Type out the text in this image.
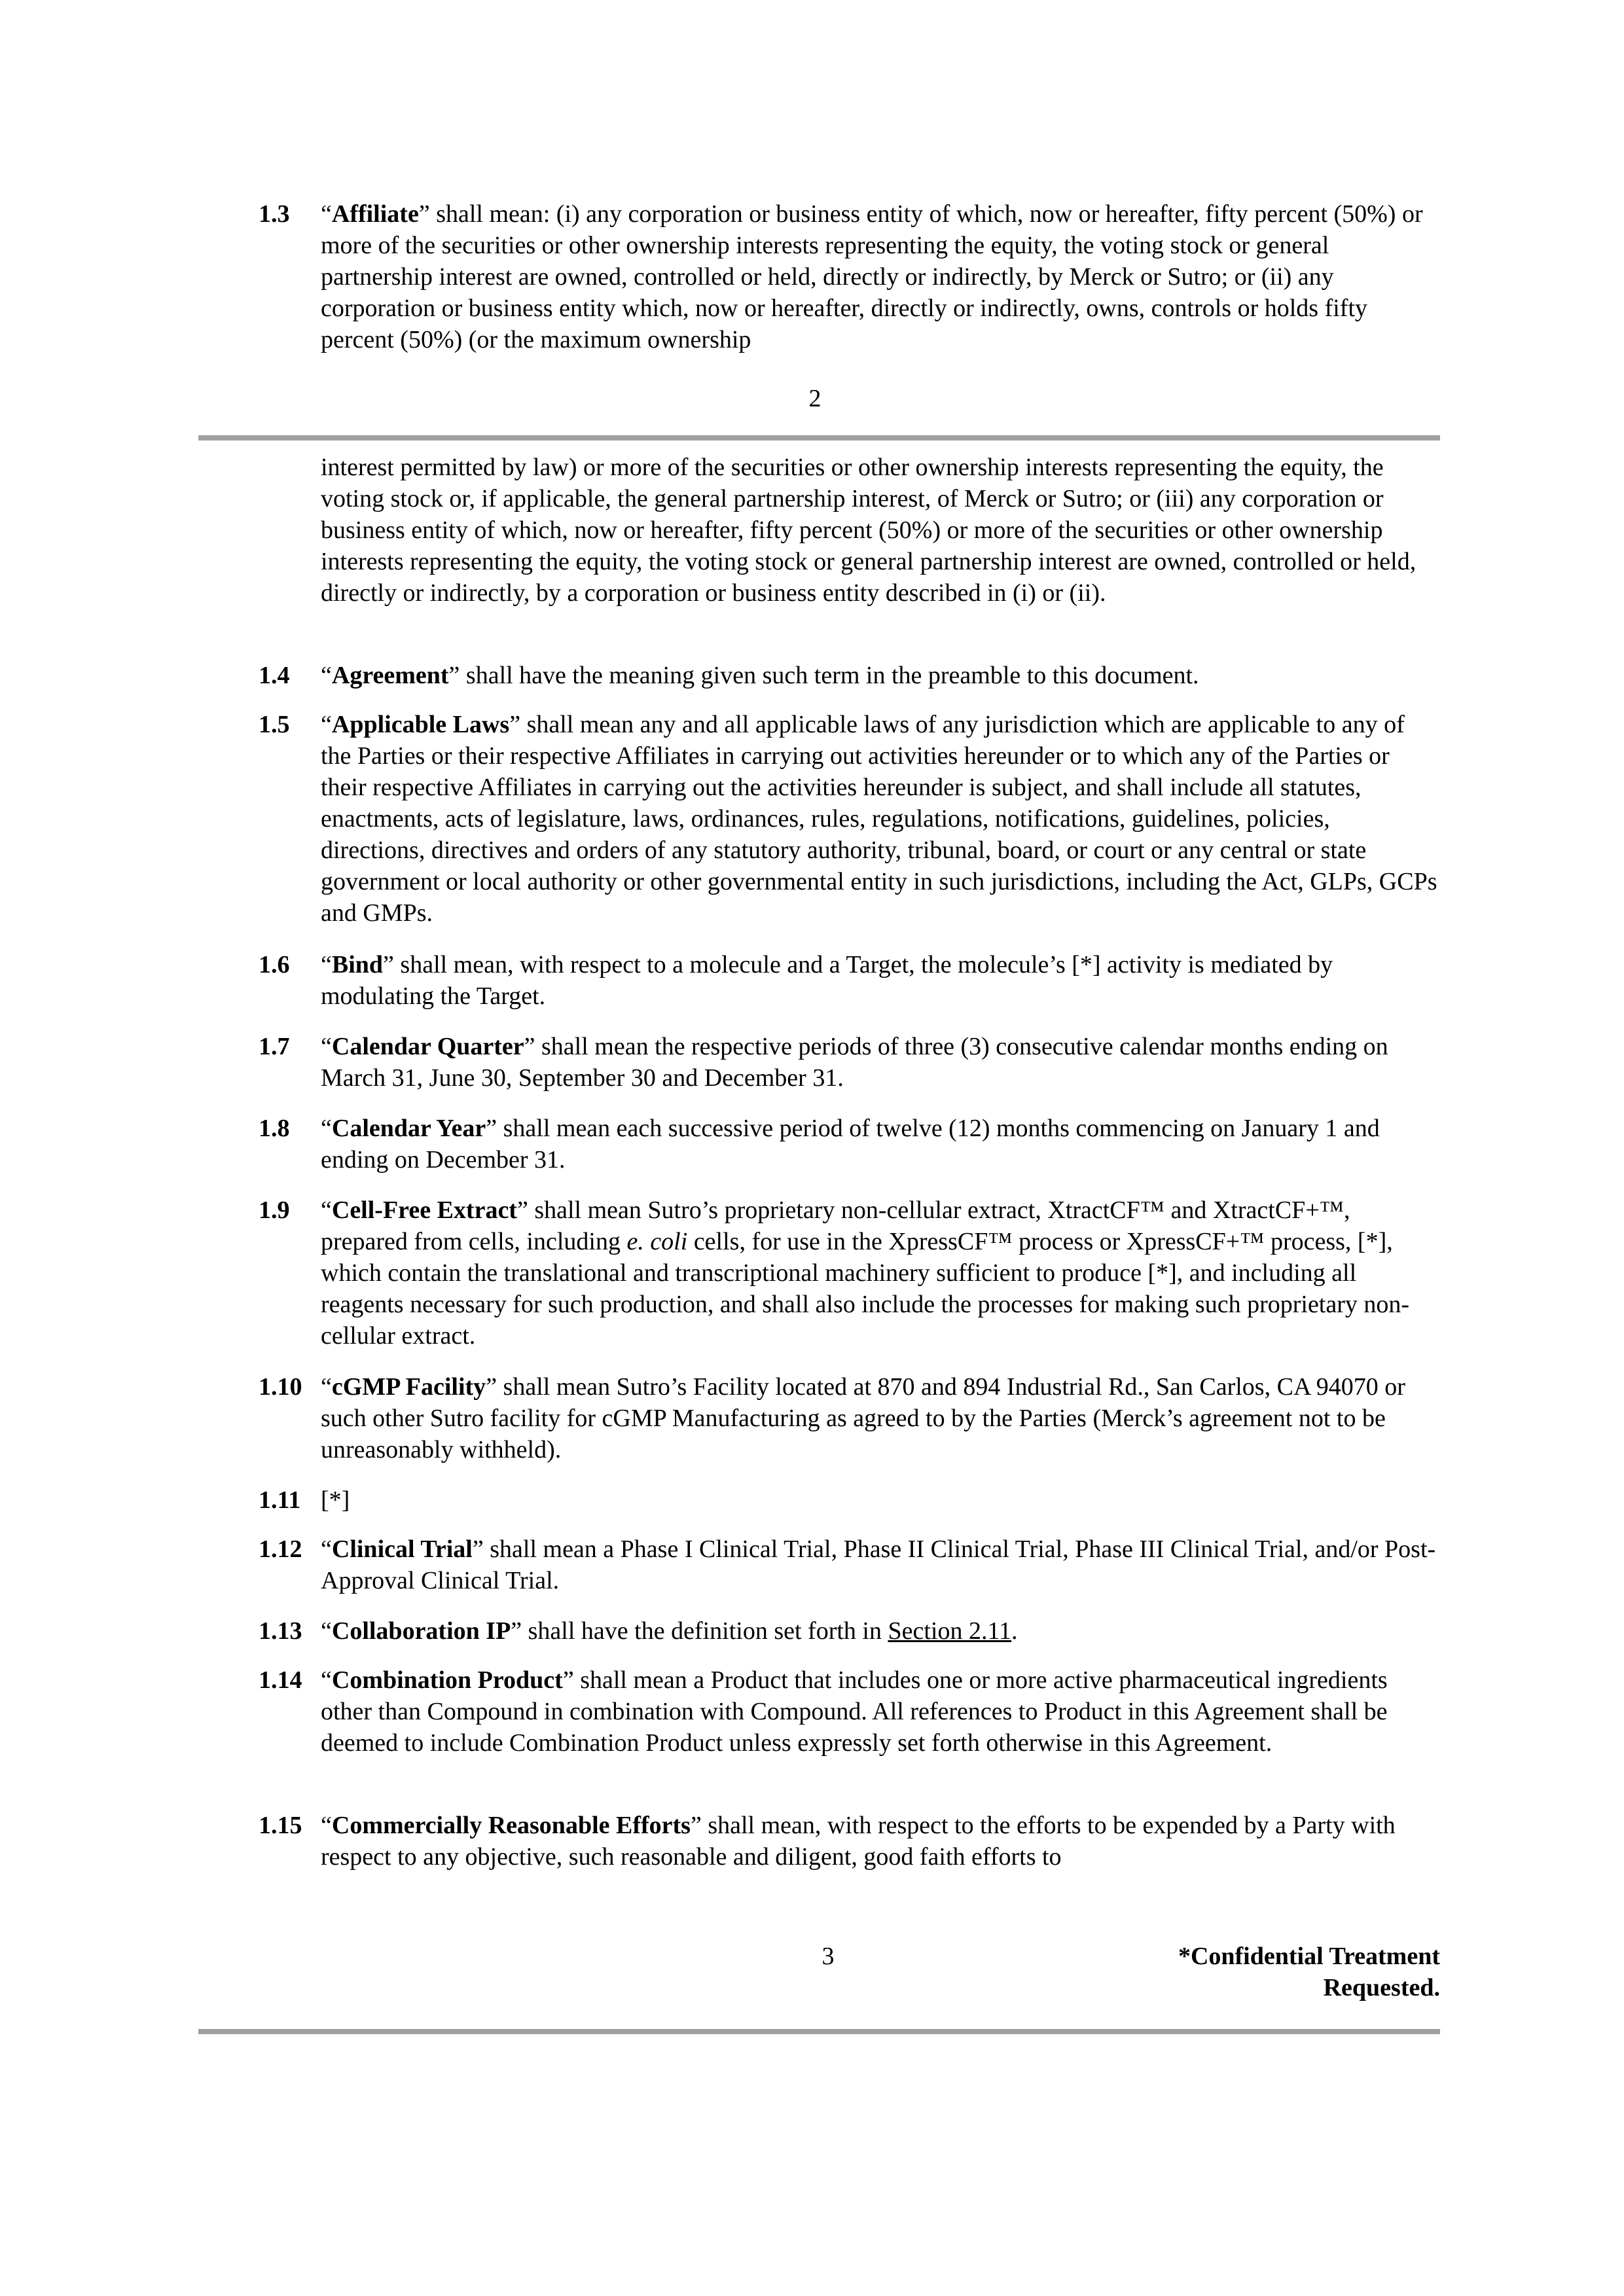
1.3	“Affiliate” shall mean: (i) any corporation or business entity of which, now or hereafter, fifty percent (50%) or more of the securities or other ownership interests representing the equity, the voting stock or general partnership interest are owned, controlled or held, directly or indirectly, by Merck or Sutro; or (ii) any corporation or business entity which, now or hereafter, directly or indirectly, owns, controls or holds fifty percent (50%) (or the maximum ownership
2
interest permitted by law) or more of the securities or other ownership interests representing the equity, the voting stock or, if applicable, the general partnership interest, of Merck or Sutro; or (iii) any corporation or business entity of which, now or hereafter, fifty percent (50%) or more of the securities or other ownership interests representing the equity, the voting stock or general partnership interest are owned, controlled or held, directly or indirectly, by a corporation or business entity described in (i) or (ii).
1.4	“Agreement” shall have the meaning given such term in the preamble to this document.
1.5	“Applicable Laws” shall mean any and all applicable laws of any jurisdiction which are applicable to any of the Parties or their respective Affiliates in carrying out activities hereunder or to which any of the Parties or their respective Affiliates in carrying out the activities hereunder is subject, and shall include all statutes, enactments, acts of legislature, laws, ordinances, rules, regulations, notifications, guidelines, policies, directions, directives and orders of any statutory authority, tribunal, board, or court or any central or state government or local authority or other governmental entity in such jurisdictions, including the Act, GLPs, GCPs and GMPs.
1.6	“Bind” shall mean, with respect to a molecule and a Target, the molecule’s [*] activity is mediated by modulating the Target.
1.7	“Calendar Quarter” shall mean the respective periods of three (3) consecutive calendar months ending on March 31, June 30, September 30 and December 31.
1.8	“Calendar Year” shall mean each successive period of twelve (12) months commencing on January 1 and ending on December 31.
1.9	“Cell-Free Extract” shall mean Sutro’s proprietary non-cellular extract, XtractCF™ and XtractCF+™, prepared from cells, including e. coli cells, for use in the XpressCF™ process or XpressCF+™ process, [*], which contain the translational and transcriptional machinery sufficient to produce [*], and including all reagents necessary for such production, and shall also include the processes for making such proprietary non-cellular extract.
1.10 “cGMP Facility” shall mean Sutro’s Facility located at 870 and 894 Industrial Rd., San Carlos, CA 94070 or such other Sutro facility for cGMP Manufacturing as agreed to by the Parties (Merck’s agreement not to be unreasonably withheld).
1.11 [*]
1.12 “Clinical Trial” shall mean a Phase I Clinical Trial, Phase II Clinical Trial, Phase III Clinical Trial, and/or Post-Approval Clinical Trial.
1.13 “Collaboration IP” shall have the definition set forth in Section 2.11.
1.14 “Combination Product” shall mean a Product that includes one or more active pharmaceutical ingredients other than Compound in combination with Compound. All references to Product in this Agreement shall be deemed to include Combination Product unless expressly set forth otherwise in this Agreement.
1.15 “Commercially Reasonable Efforts” shall mean, with respect to the efforts to be expended by a Party with respect to any objective, such reasonable and diligent, good faith efforts to
3	*Confidential Treatment
Requested.
